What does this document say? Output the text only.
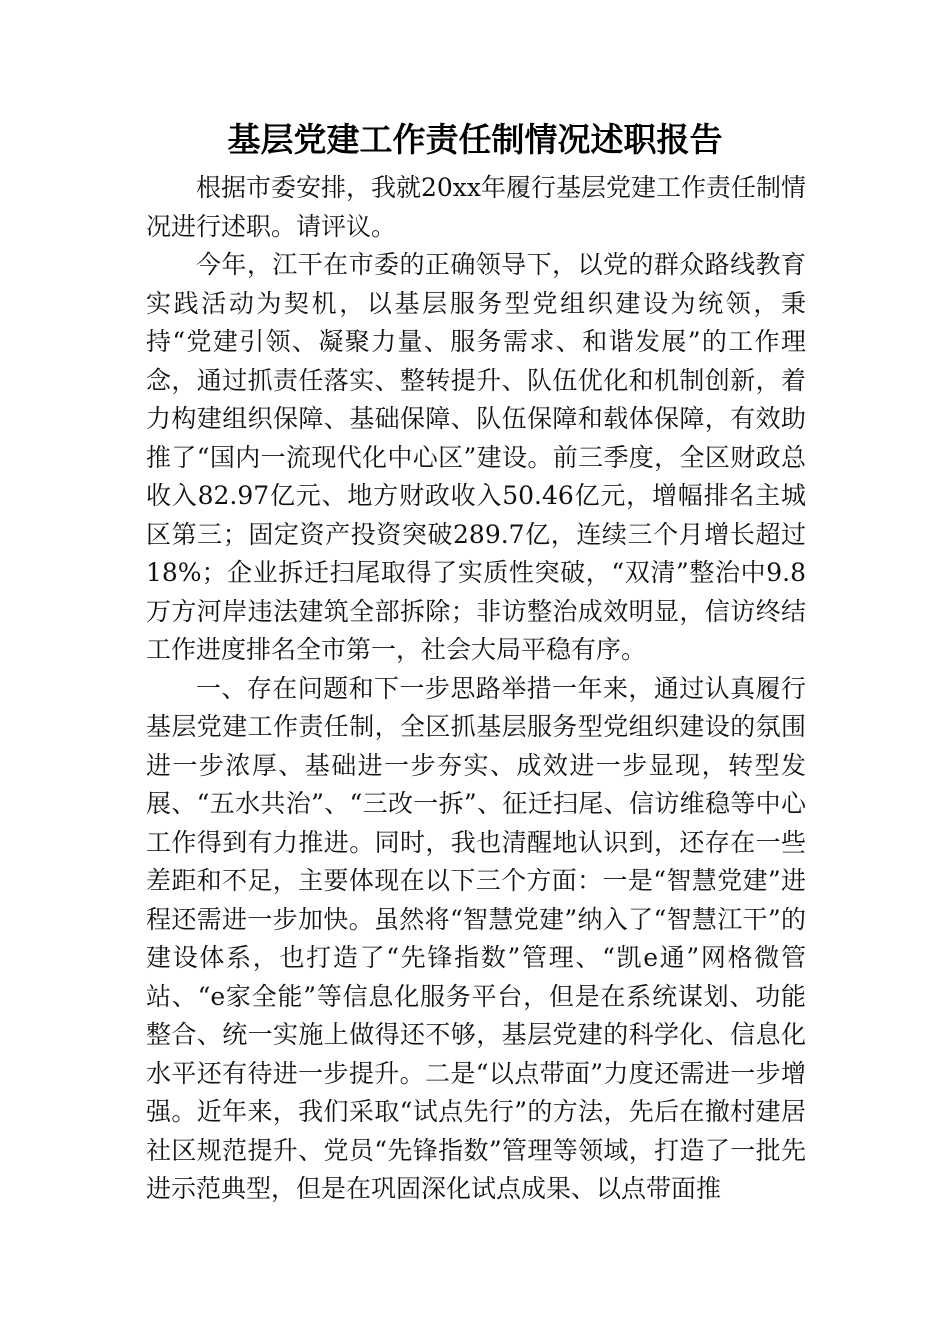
基层党建工作责任制情况述职报告

根据市委安排，我就20xx年履行基层党建工作责任制情况进行述职。请评议。

今年，江干在市委的正确领导下，以党的群众路线教育实践活动为契机，以基层服务型党组织建设为统领，秉持“党建引领、凝聚力量、服务需求、和谐发展”的工作理念，通过抓责任落实、整转提升、队伍优化和机制创新，着力构建组织保障、基础保障、队伍保障和载体保障，有效助推了“国内一流现代化中心区”建设。前三季度，全区财政总收入82.97亿元、地方财政收入50.46亿元，增幅排名主城区第三；固定资产投资突破289.7亿，连续三个月增长超过18%；企业拆迁扫尾取得了实质性突破，“双清”整治中9.8万方河岸违法建筑全部拆除；非访整治成效明显，信访终结工作进度排名全市第一，社会大局平稳有序。

一、存在问题和下一步思路举措一年来，通过认真履行基层党建工作责任制，全区抓基层服务型党组织建设的氛围进一步浓厚、基础进一步夯实、成效进一步显现，转型发展、“五水共治”、“三改一拆”、征迁扫尾、信访维稳等中心工作得到有力推进。同时，我也清醒地认识到，还存在一些差距和不足，主要体现在以下三个方面：一是“智慧党建”进程还需进一步加快。虽然将“智慧党建”纳入了“智慧江干”的建设体系，也打造了“先锋指数”管理、“凯e通”网格微管站、“e家全能”等信息化服务平台，但是在系统谋划、功能整合、统一实施上做得还不够，基层党建的科学化、信息化水平还有待进一步提升。二是“以点带面”力度还需进一步增强。近年来，我们采取“试点先行”的方法，先后在撤村建居社区规范提升、党员“先锋指数”管理等领域，打造了一批先进示范典型，但是在巩固深化试点成果、以点带面推
